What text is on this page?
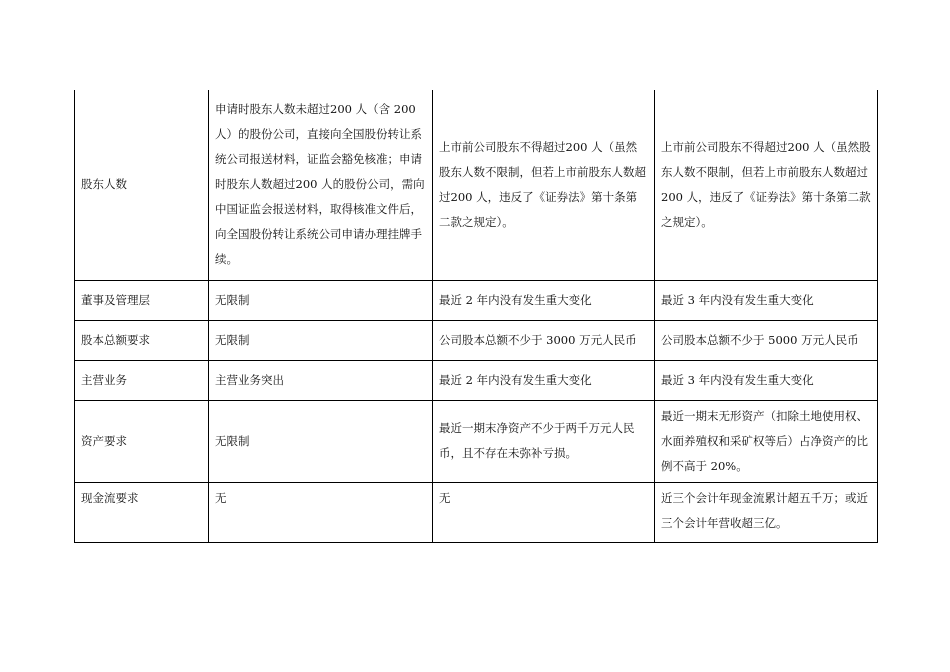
股东人数	申请时股东人数未超过200 人（含 200人）的股份公司，直接向全国股份转让系统公司报送材料，证监会豁免核准；申请时股东人数超过200 人的股份公司，需向中国证监会报送材料，取得核准文件后，向全国股份转让系统公司申请办理挂牌手续。	上市前公司股东不得超过200 人（虽然股东人数不限制，但若上市前股东人数超过200 人，违反了《证券法》第十条第二款之规定）。	上市前公司股东不得超过200 人（虽然股东人数不限制，但若上市前股东人数超过200 人，违反了《证券法》第十条第二款之规定）。
董事及管理层	无限制	最近 2 年内没有发生重大变化	最近 3 年内没有发生重大变化
股本总额要求	无限制	公司股本总额不少于 3000 万元人民币	公司股本总额不少于 5000 万元人民币
主营业务	主营业务突出	最近 2 年内没有发生重大变化	最近 3 年内没有发生重大变化
资产要求	无限制	最近一期末净资产不少于两千万元人民币，且不存在未弥补亏损。	最近一期末无形资产（扣除土地使用权、水面养殖权和采矿权等后）占净资产的比例不高于 20%。
现金流要求	无	无	近三个会计年现金流累计超五千万；或近三个会计年营收超三亿。
